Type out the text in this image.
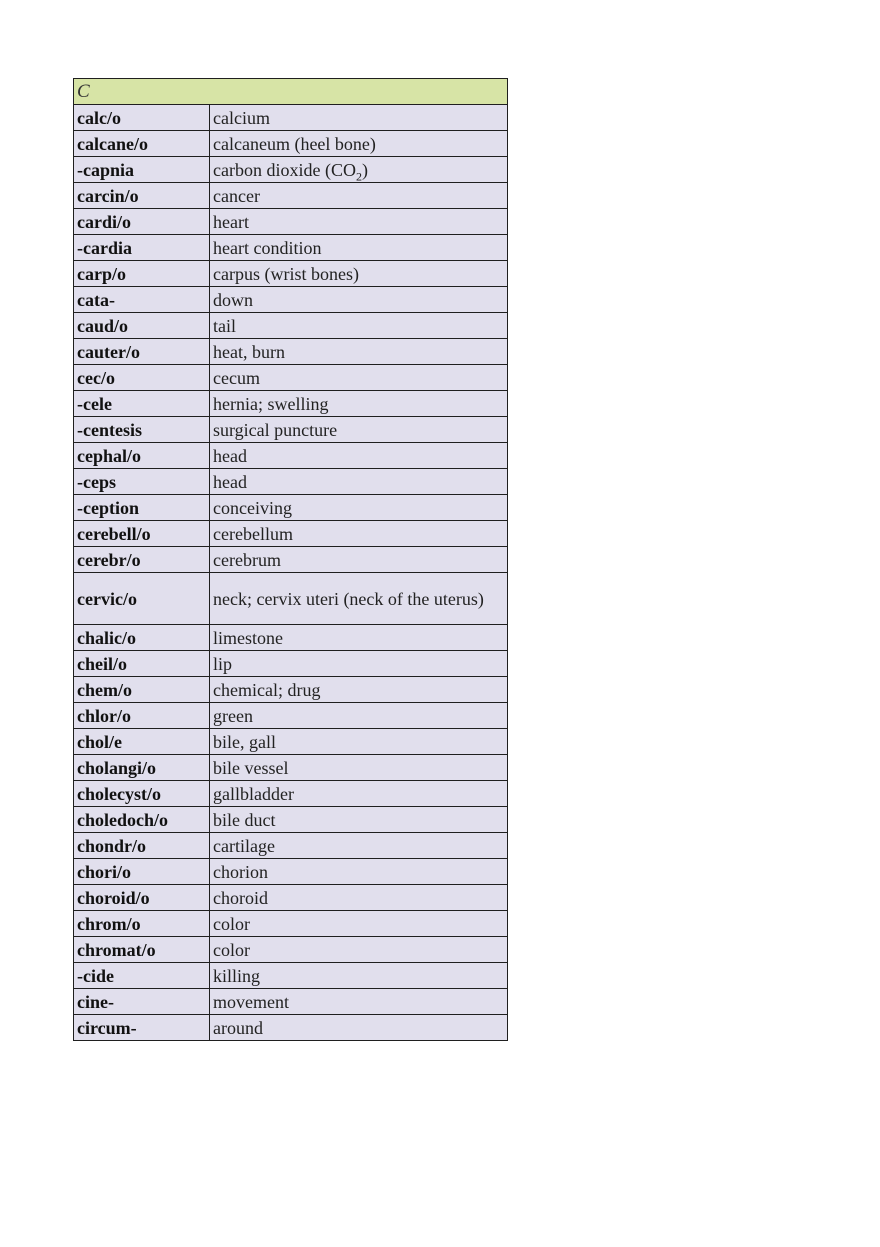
C	
calc/o	calcium
calcane/o	calcaneum (heel bone)
-capnia	carbon dioxide $(CO_2)$
carcin/o	cancer
cardi/o	heart
-cardia	heart condition
carp/o	carpus (wrist bones)
cata-	down
caud/o	tail
cauter/o	heat, burn
cec/o	cecum
-cele	hernia; swelling
-centesis	surgical puncture
cephal/o	head
-ceps	head
-ception	conceiving
cerebell/o	cerebellum
cerebr/o	cerebrum
cervic/o	neck; cervix uteri (neck of the uterus)
chalic/o	limestone
cheil/o	lip
chem/o	chemical; drug
chlor/o	green
chol/e	bile, gall
cholangi/o	bile vessel
cholecyst/o	gallbladder
choledoch/o	bile duct
chondr/o	cartilage
chori/o	chorion
choroid/o	choroid
chrom/o	color
chromat/o	color
-cide	killing
cine-	movement
circum-	around
